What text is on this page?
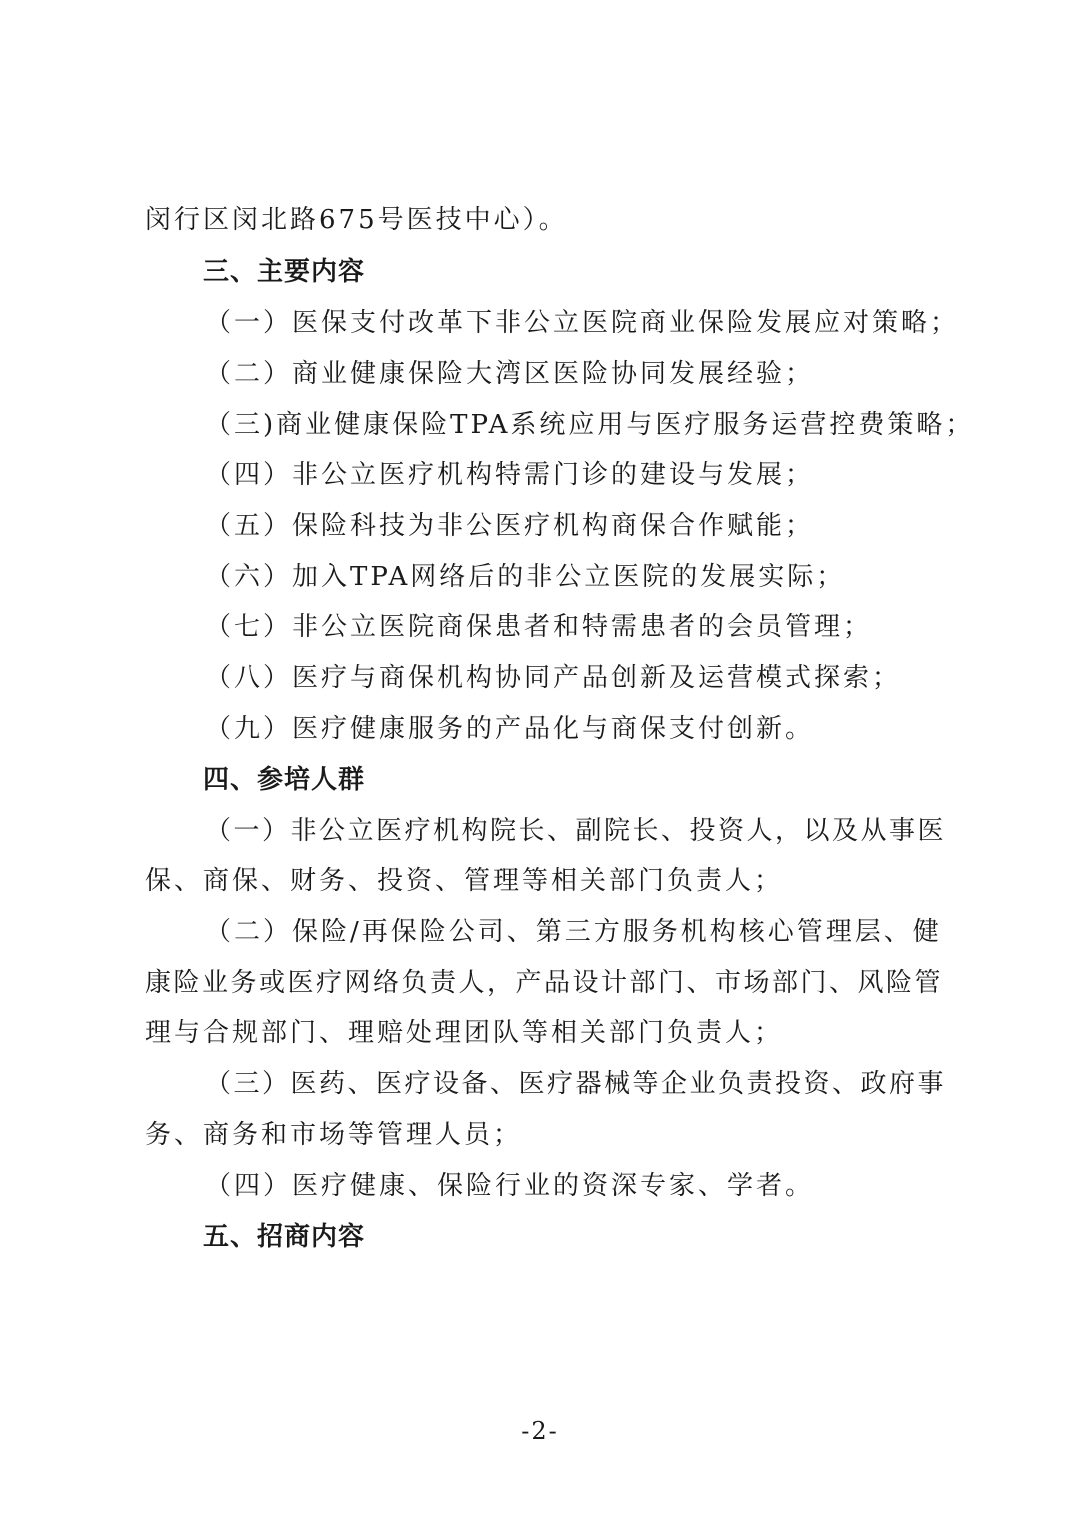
闵行区闵北路675号医技中心）。
三、主要内容
（一）医保支付改革下非公立医院商业保险发展应对策略；
（二）商业健康保险大湾区医险协同发展经验；
（三)商业健康保险TPA系统应用与医疗服务运营控费策略；
（四）非公立医疗机构特需门诊的建设与发展；
（五）保险科技为非公医疗机构商保合作赋能；
（六）加入TPA网络后的非公立医院的发展实际；
（七）非公立医院商保患者和特需患者的会员管理；
（八）医疗与商保机构协同产品创新及运营模式探索；
（九）医疗健康服务的产品化与商保支付创新。
四、参培人群
（一）非公立医疗机构院长、副院长、投资人，以及从事医
保、商保、财务、投资、管理等相关部门负责人；
（二）保险/再保险公司、第三方服务机构核心管理层、健
康险业务或医疗网络负责人，产品设计部门、市场部门、风险管
理与合规部门、理赔处理团队等相关部门负责人；
（三）医药、医疗设备、医疗器械等企业负责投资、政府事
务、商务和市场等管理人员；
（四）医疗健康、保险行业的资深专家、学者。
五、招商内容
-2-
